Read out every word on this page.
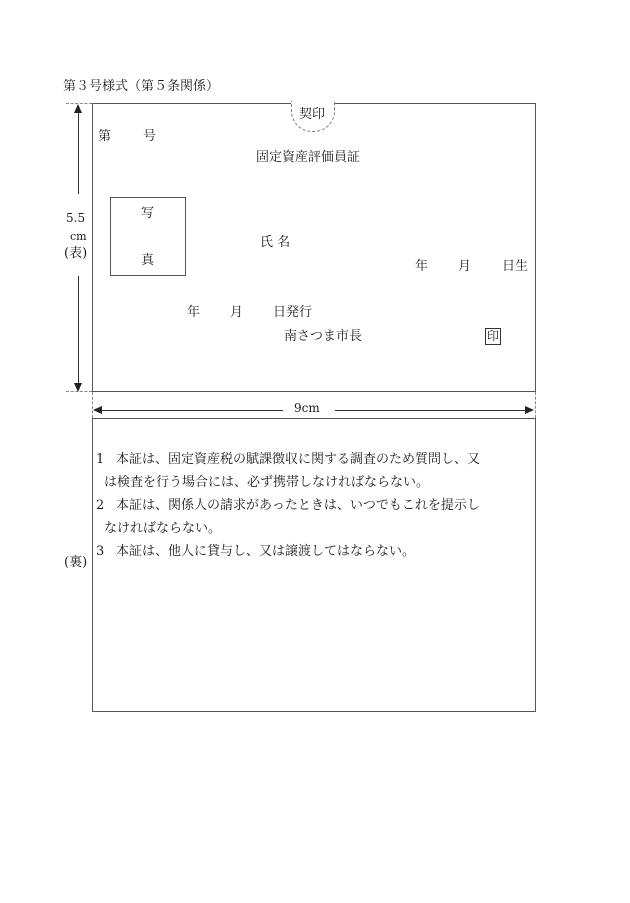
第３号様式（第５条関係）
契印
第 号
固定資産評価員証
写
真
氏 名
年 月 日生
年 月 日発行
南さつま市長	印
5.5
cm
(表)
9cm
(裏)
1 本証は、固定資産税の賦課徴収に関する調査のため質問し、又
は検査を行う場合には、必ず携帯しなければならない。
2 本証は、関係人の請求があったときは、いつでもこれを提示し
なければならない。
3 本証は、他人に貸与し、又は譲渡してはならない。
